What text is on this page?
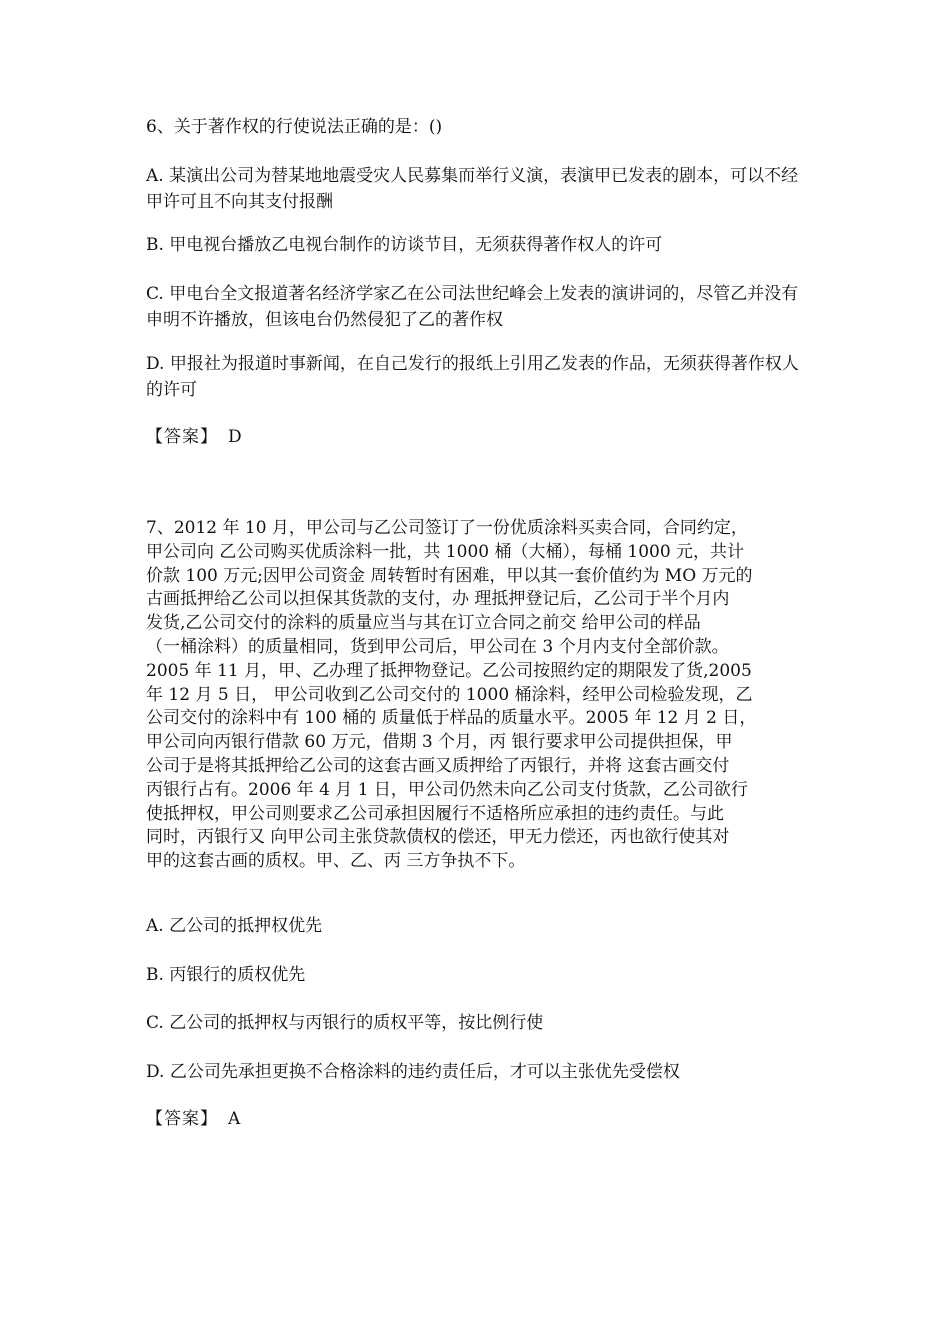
6、关于著作权的行使说法正确的是：()

A. 某演出公司为替某地地震受灾人民募集而举行义演，表演甲已发表的剧本，可以不经甲许可且不向其支付报酬

B. 甲电视台播放乙电视台制作的访谈节目，无须获得著作权人的许可

C. 甲电台全文报道著名经济学家乙在公司法世纪峰会上发表的演讲词的，尽管乙并没有申明不许播放，但该电台仍然侵犯了乙的著作权

D. 甲报社为报道时事新闻，在自己发行的报纸上引用乙发表的作品，无须获得著作权人的许可

【答案】 D

7、2012 年 10 月，甲公司与乙公司签订了一份优质涂料买卖合同，合同约定，
甲公司向 乙公司购买优质涂料一批，共 1000 桶（大桶），每桶 1000 元，共计
价款 100 万元;因甲公司资金 周转暂时有困难，甲以其一套价值约为 MO 万元的
古画抵押给乙公司以担保其货款的支付，办 理抵押登记后，乙公司于半个月内
发货,乙公司交付的涂料的质量应当与其在订立合同之前交 给甲公司的样品
（一桶涂料）的质量相同，货到甲公司后，甲公司在 3 个月内支付全部价款。
2005 年 11 月，甲、乙办理了抵押物登记。乙公司按照约定的期限发了货,2005
年 12 月 5 日， 甲公司收到乙公司交付的 1000 桶涂料，经甲公司检验发现，乙
公司交付的涂料中有 100 桶的 质量低于样品的质量水平。2005 年 12 月 2 日，
甲公司向丙银行借款 60 万元，借期 3 个月，丙 银行要求甲公司提供担保，甲
公司于是将其抵押给乙公司的这套古画又质押给了丙银行，并将 这套古画交付
丙银行占有。2006 年 4 月 1 日，甲公司仍然未向乙公司支付货款，乙公司欲行
使抵押权，甲公司则要求乙公司承担因履行不适格所应承担的违约责任。与此
同时，丙银行又 向甲公司主张贷款债权的偿还，甲无力偿还，丙也欲行使其对
甲的这套古画的质权。甲、乙、丙 三方争执不下。

A. 乙公司的抵押权优先

B. 丙银行的质权优先

C. 乙公司的抵押权与丙银行的质权平等，按比例行使

D. 乙公司先承担更换不合格涂料的违约责任后，才可以主张优先受偿权

【答案】 A
